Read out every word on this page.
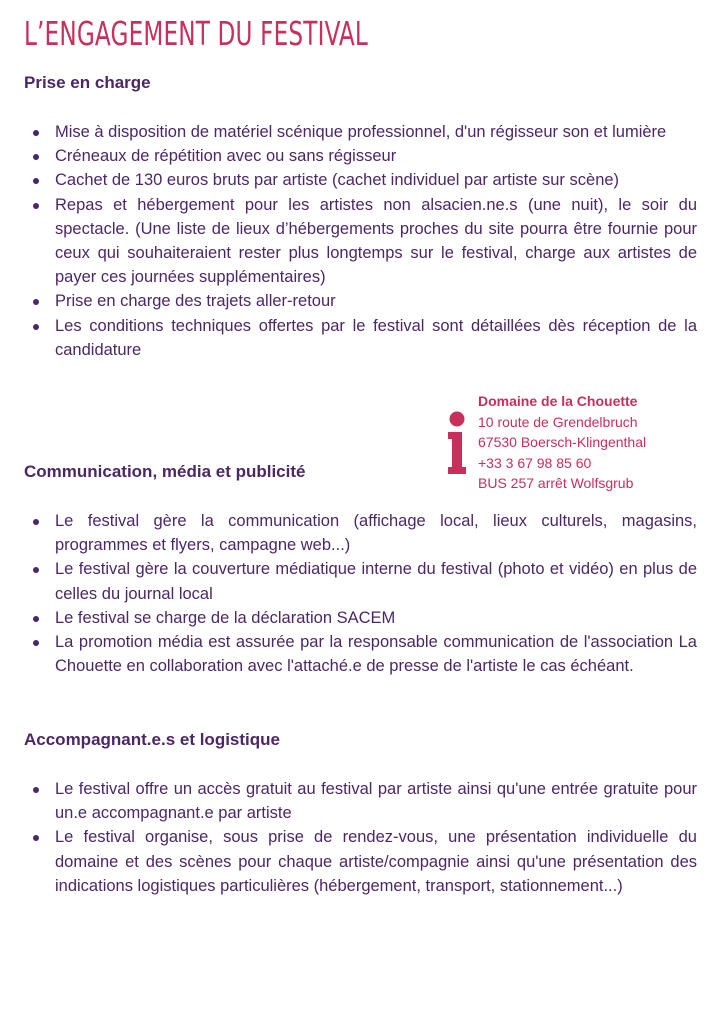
L’ENGAGEMENT DU FESTIVAL
Prise en charge
Mise à disposition de matériel scénique professionnel, d'un régisseur son et lumière
Créneaux de répétition avec ou sans régisseur
Cachet de 130 euros bruts par artiste (cachet individuel par artiste sur scène)
Repas et hébergement pour les artistes non alsacien.ne.s (une nuit), le soir du spectacle. (Une liste de lieux d’hébergements proches du site pourra être fournie pour ceux qui souhaiteraient rester plus longtemps sur le festival, charge aux artistes de payer ces journées supplémentaires)
Prise en charge des trajets aller-retour
Les conditions techniques offertes par le festival sont détaillées dès réception de la candidature
Domaine de la Chouette
10 route de Grendelbruch
67530 Boersch-Klingenthal
+33 3 67 98 85 60
BUS 257 arrêt Wolfsgrub
Communication, média et publicité
Le festival gère la communication (affichage local, lieux culturels, magasins, programmes et flyers, campagne web...)
Le festival gère la couverture médiatique interne du festival (photo et vidéo) en plus de celles du journal local
Le festival se charge de la déclaration SACEM
La promotion média est assurée par la responsable communication de l'association La Chouette en collaboration avec l'attaché.e de presse de l'artiste le cas échéant.
Accompagnant.e.s et logistique
Le festival offre un accès gratuit au festival par artiste ainsi qu'une entrée gratuite pour un.e accompagnant.e par artiste
Le festival organise, sous prise de rendez-vous, une présentation individuelle du domaine et des scènes pour chaque artiste/compagnie ainsi qu'une présentation des indications logistiques particulières (hébergement, transport, stationnement...)
